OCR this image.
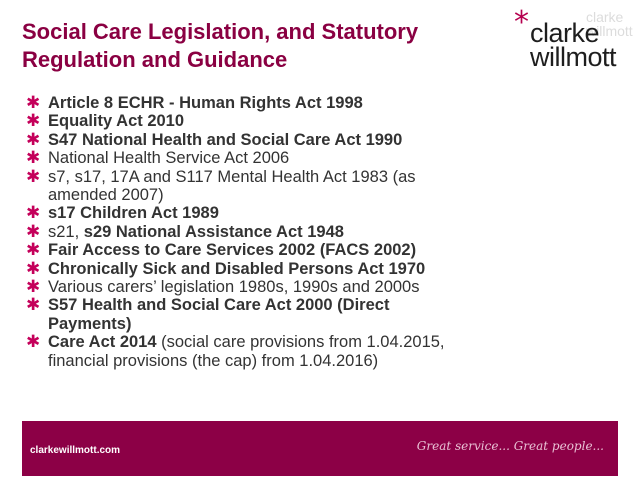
Social Care Legislation, and Statutory
Regulation and Guidance
clarke willmott
* clarke
willmott
✱ Article 8 ECHR - Human Rights Act 1998
✱ Equality Act 2010
✱ S47 National Health and Social Care Act 1990
✱ National Health Service Act 2006
✱ s7, s17, 17A and S117 Mental Health Act 1983 (as
amended 2007)
✱ s17 Children Act 1989
✱ s21, s29 National Assistance Act 1948
✱ Fair Access to Care Services 2002 (FACS 2002)
✱ Chronically Sick and Disabled Persons Act 1970
✱ Various carers’ legislation 1980s, 1990s and 2000s
✱ S57 Health and Social Care Act 2000 (Direct
Payments)
✱ Care Act 2014 (social care provisions from 1.04.2015,
financial provisions (the cap) from 1.04.2016)
clarkewillmott.com	Great service... Great people...
